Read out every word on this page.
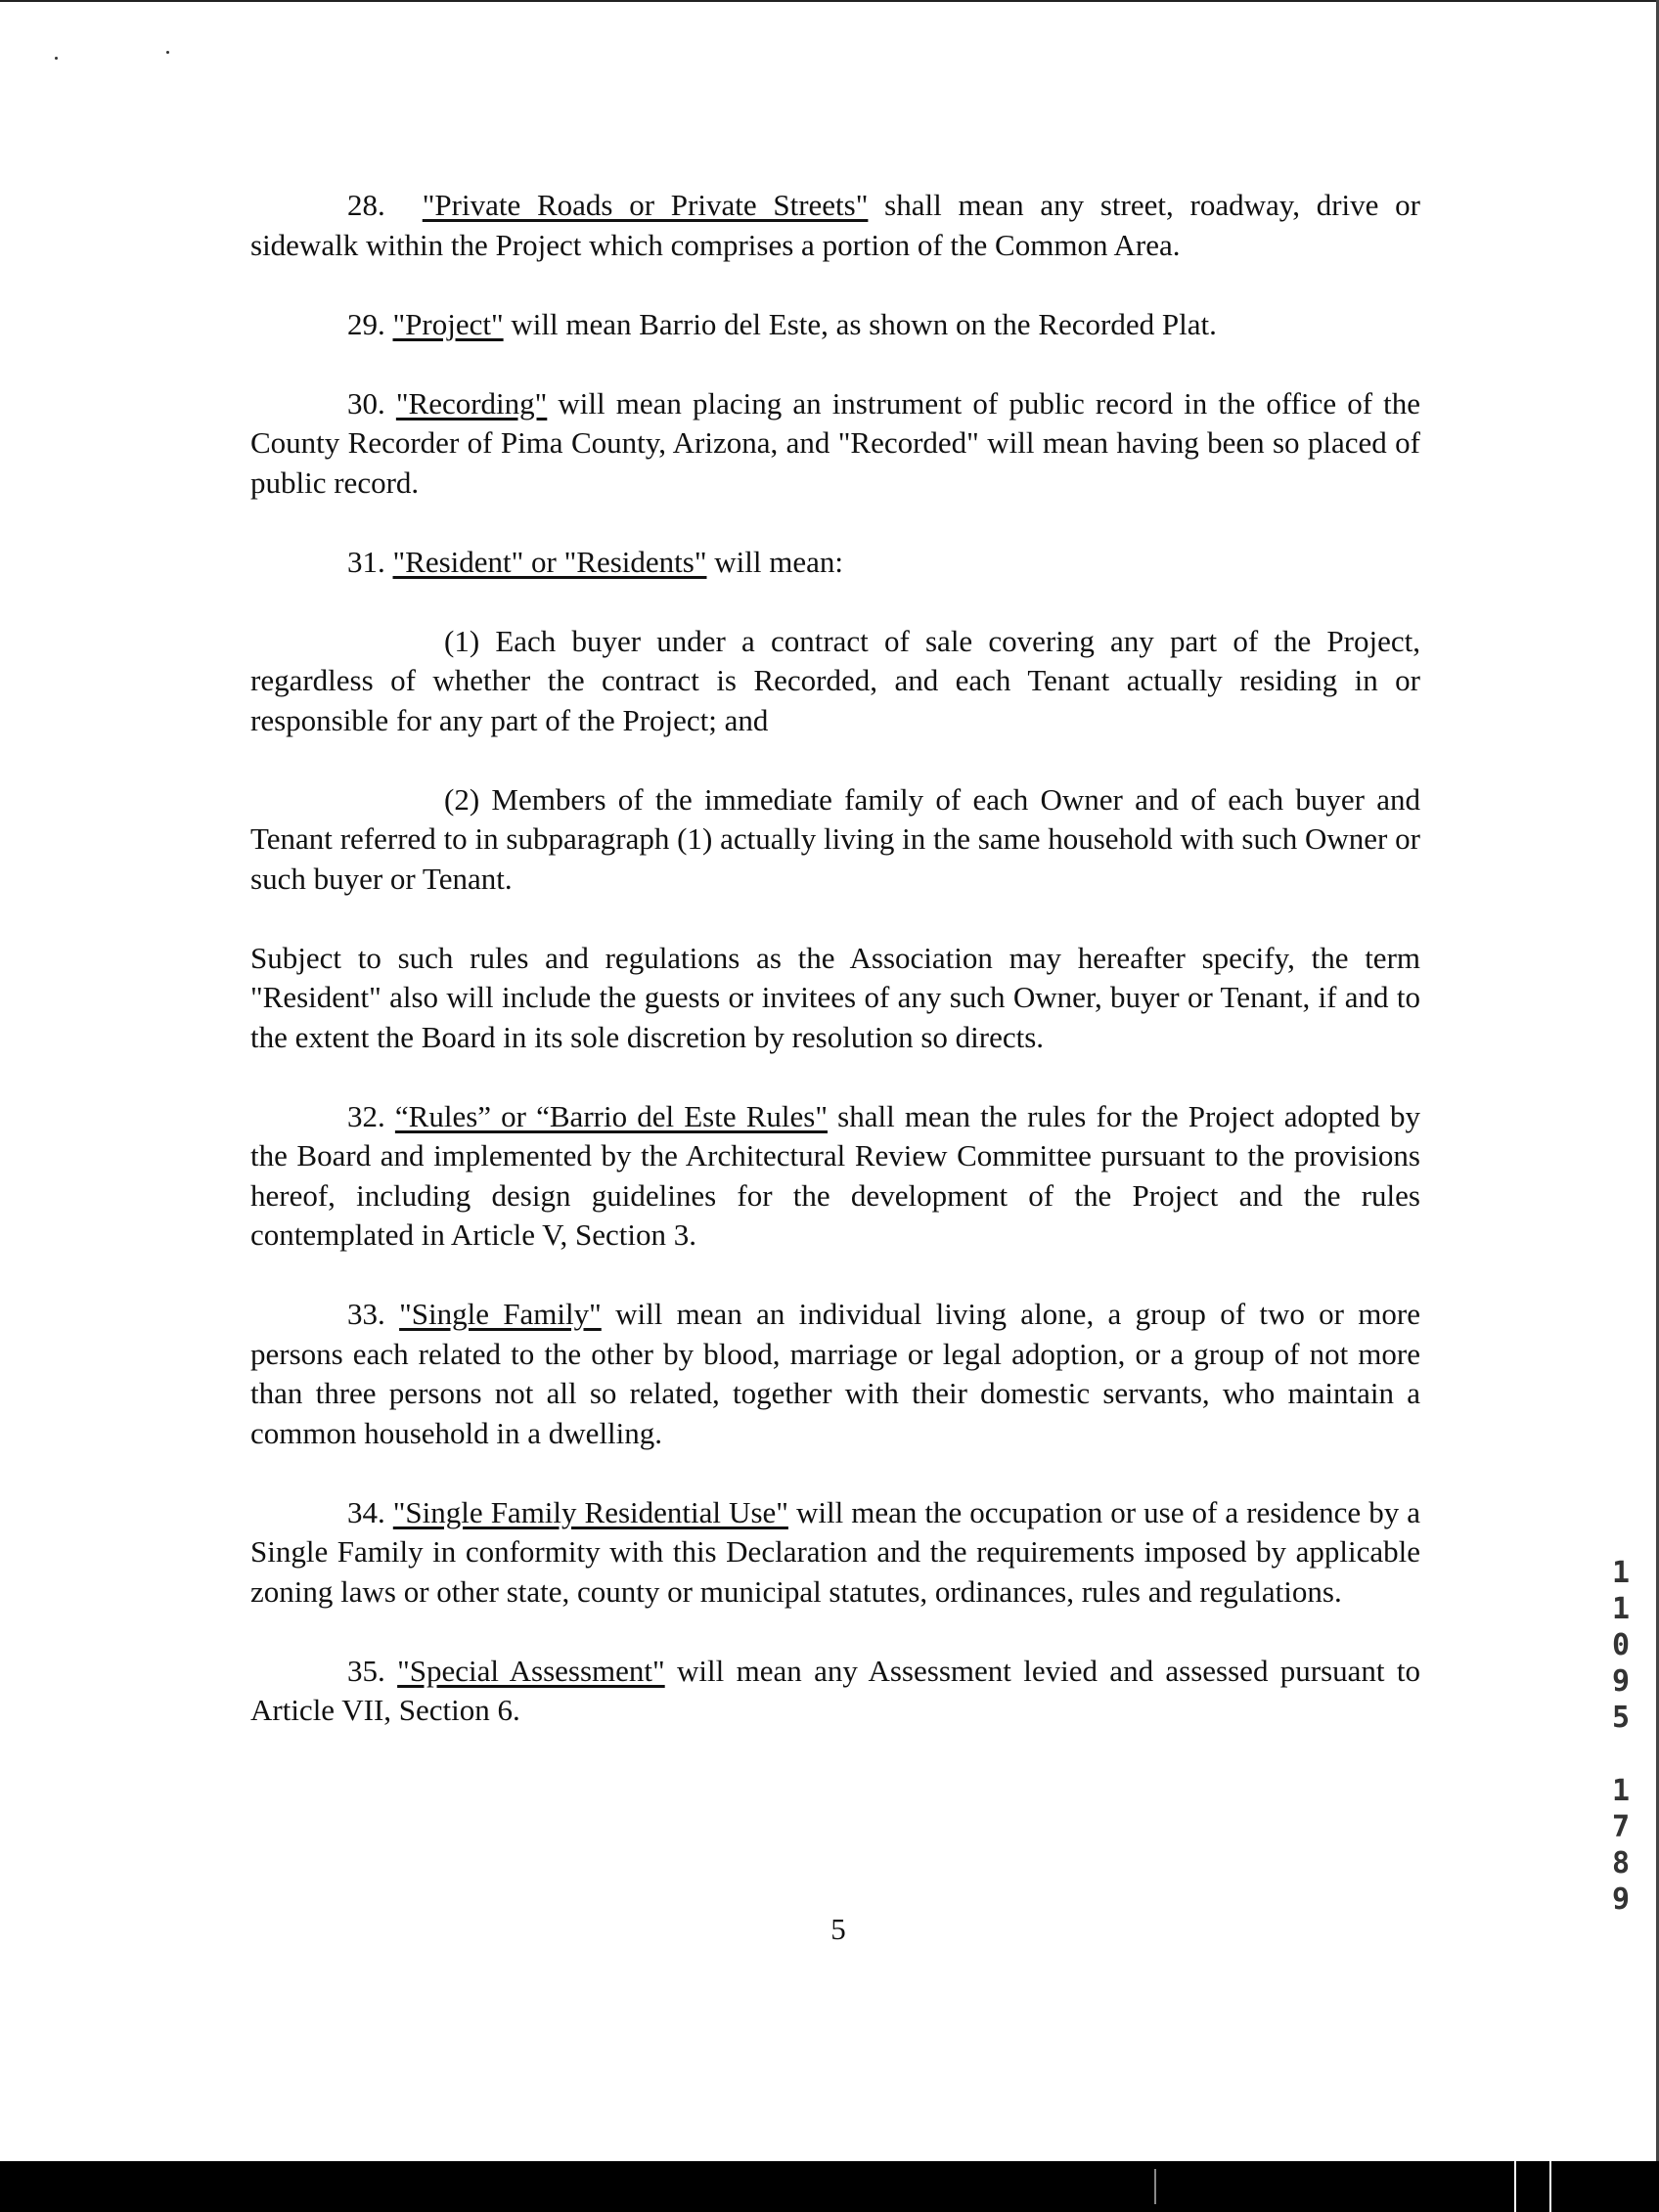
28. "Private Roads or Private Streets" shall mean any street, roadway, drive or sidewalk within the Project which comprises a portion of the Common Area.

29. "Project" will mean Barrio del Este, as shown on the Recorded Plat.

30. "Recording" will mean placing an instrument of public record in the office of the County Recorder of Pima County, Arizona, and "Recorded" will mean having been so placed of public record.

31. "Resident" or "Residents" will mean:

(1) Each buyer under a contract of sale covering any part of the Project, regardless of whether the contract is Recorded, and each Tenant actually residing in or responsible for any part of the Project; and

(2) Members of the immediate family of each Owner and of each buyer and Tenant referred to in subparagraph (1) actually living in the same household with such Owner or such buyer or Tenant.

Subject to such rules and regulations as the Association may hereafter specify, the term "Resident" also will include the guests or invitees of any such Owner, buyer or Tenant, if and to the extent the Board in its sole discretion by resolution so directs.

32. “Rules” or “Barrio del Este Rules" shall mean the rules for the Project adopted by the Board and implemented by the Architectural Review Committee pursuant to the provisions hereof, including design guidelines for the development of the Project and the rules contemplated in Article V, Section 3.

33. "Single Family" will mean an individual living alone, a group of two or more persons each related to the other by blood, marriage or legal adoption, or a group of not more than three persons not all so related, together with their domestic servants, who maintain a common household in a dwelling.

34. "Single Family Residential Use" will mean the occupation or use of a residence by a Single Family in conformity with this Declaration and the requirements imposed by applicable zoning laws or other state, county or municipal statutes, ordinances, rules and regulations.

35. "Special Assessment" will mean any Assessment levied and assessed pursuant to Article VII, Section 6.

5
1
1
0
9
5
1
7
8
9
